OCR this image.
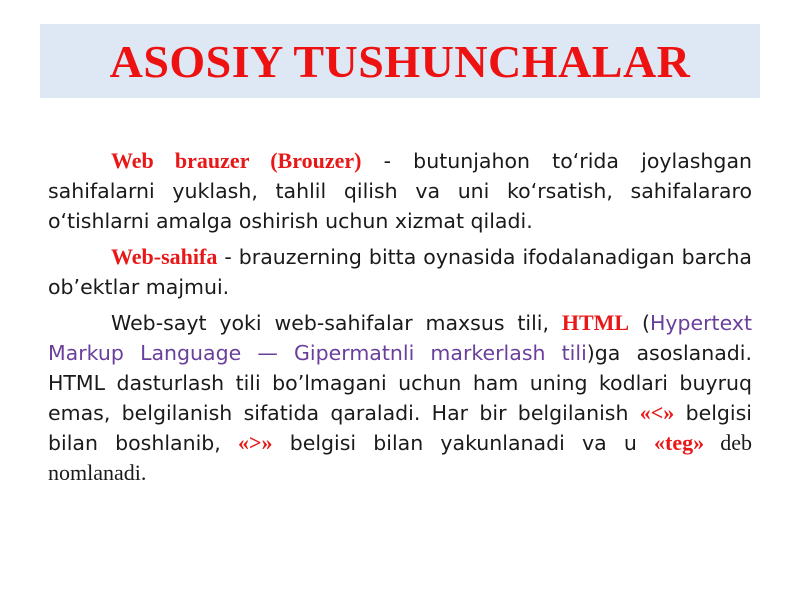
ASOSIY TUSHUNCHALAR

Web brauzer (Brouzer) - butunjahon to‘rida joylashgan sahifalarni yuklash, tahlil qilish va uni ko‘rsatish, sahifalararo o‘tishlarni amalga oshirish uchun xizmat qiladi.

Web-sahifa - brauzerning bitta oynasida ifodalanadigan barcha ob’ektlar majmui.

Web-sayt yoki web-sahifalar maxsus tili, HTML (Hypertext Markup Language — Gipermatnli markerlash tili)ga asoslanadi. HTML dasturlash tili bo’lmagani uchun ham uning kodlari buyruq emas, belgilanish sifatida qaraladi. Har bir belgilanish «<» belgisi bilan boshlanib, «>» belgisi bilan yakunlanadi va u «teg» deb nomlanadi.
